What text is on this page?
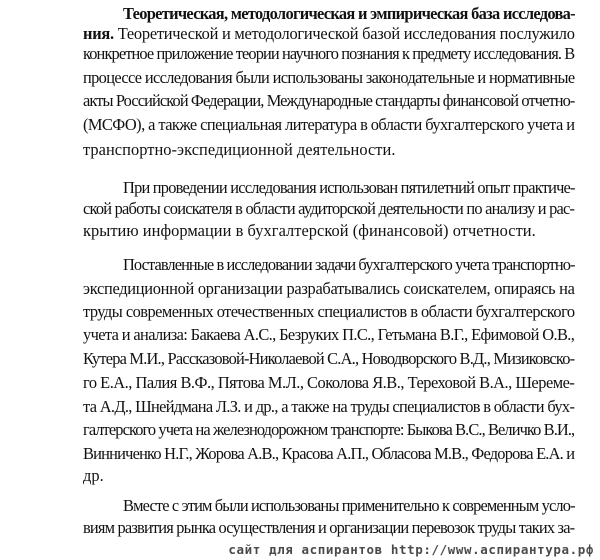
Теоретическая, методологическая и эмпирическая база исследова-
ния. Теоретической и методологической базой исследования послужило
конкретное приложение теории научного познания к предмету исследования. В
процессе исследования были использованы законодательные и нормативные
акты Российской Федерации, Международные стандарты финансовой отчетно-
(МСФО), а также специальная литература в области бухгалтерского учета и
транспортно-экспедиционной деятельности.
При проведении исследования использован пятилетний опыт практиче-
ской работы соискателя в области аудиторской деятельности по анализу и рас-
крытию информации в бухгалтерской (финансовой) отчетности.
Поставленные в исследовании задачи бухгалтерского учета транспортно-
экспедиционной организации разрабатывались соискателем, опираясь на
труды современных отечественных специалистов в области бухгалтерского
учета и анализа: Бакаева А.С., Безруких П.С., Гетьмана В.Г., Ефимовой О.В.,
Кутера М.И., Рассказовой-Николаевой С.А., Новодворского В.Д., Мизиковско-
го Е.А., Палия В.Ф., Пятова М.Л., Соколова Я.В., Тереховой В.А., Шереме-
та А.Д., Шнейдмана Л.З. и др., а также на труды специалистов в области бух-
галтерского учета на железнодорожном транспорте: Быкова В.С., Величко В.И.,
Винниченко Н.Г., Жорова А.В., Красова А.П., Обласова М.В., Федорова Е.А. и
др.
Вместе с этим были использованы применительно к современным усло-
виям развития рынка осуществления и организации перевозок труды таких за-
сайт для аспирантов http://www.аспирантура.рф
